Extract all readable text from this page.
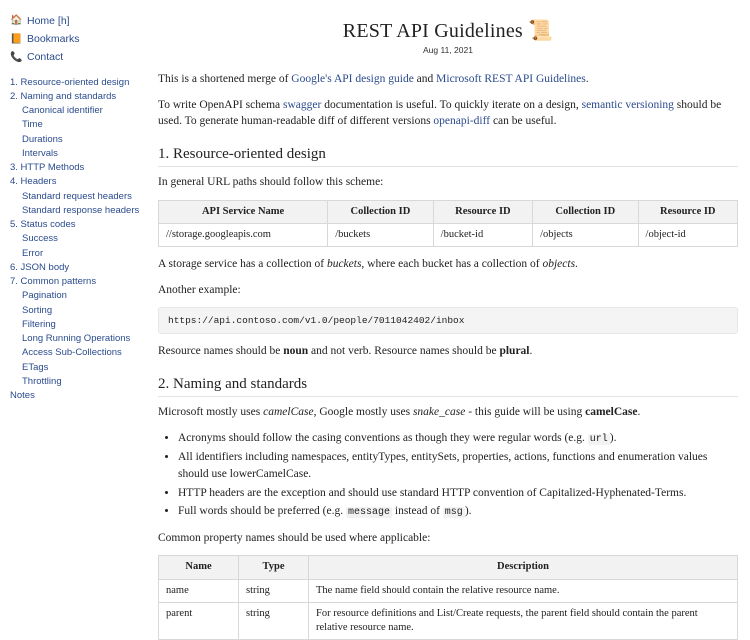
🏠 Home [h]
📙 Bookmarks
📞 Contact
1. Resource-oriented design
2. Naming and standards
Canonical identifier
Time
Durations
Intervals
3. HTTP Methods
4. Headers
Standard request headers
Standard response headers
5. Status codes
Success
Error
6. JSON body
7. Common patterns
Pagination
Sorting
Filtering
Long Running Operations
Access Sub-Collections
ETags
Throttling
Notes
REST API Guidelines 📜
Aug 11, 2021

This is a shortened merge of Google's API design guide and Microsoft REST API Guidelines.

To write OpenAPI schema swagger documentation is useful. To quickly iterate on a design, semantic versioning should be used. To generate human-readable diff of different versions openapi-diff can be useful.

1. Resource-oriented design

In general URL paths should follow this scheme:

API Service Name	Collection ID	Resource ID	Collection ID	Resource ID
//storage.googleapis.com	/buckets	/bucket-id	/objects	/object-id

A storage service has a collection of buckets, where each bucket has a collection of objects.

Another example:

https://api.contoso.com/v1.0/people/7011042402/inbox

Resource names should be noun and not verb. Resource names should be plural.

2. Naming and standards

Microsoft mostly uses camelCase, Google mostly uses snake_case - this guide will be using camelCase.

• Acronyms should follow the casing conventions as though they were regular words (e.g. url ).
• All identifiers including namespaces, entityTypes, entitySets, properties, actions, functions and enumeration values should use lowerCamelCase.
• HTTP headers are the exception and should use standard HTTP convention of Capitalized-Hyphenated-Terms.
• Full words should be preferred (e.g. message instead of msg ).

Common property names should be used where applicable:

Name	Type	Description
name	string	The name field should contain the relative resource name.
parent	string	For resource definitions and List/Create requests, the parent field should contain the parent relative resource name.
